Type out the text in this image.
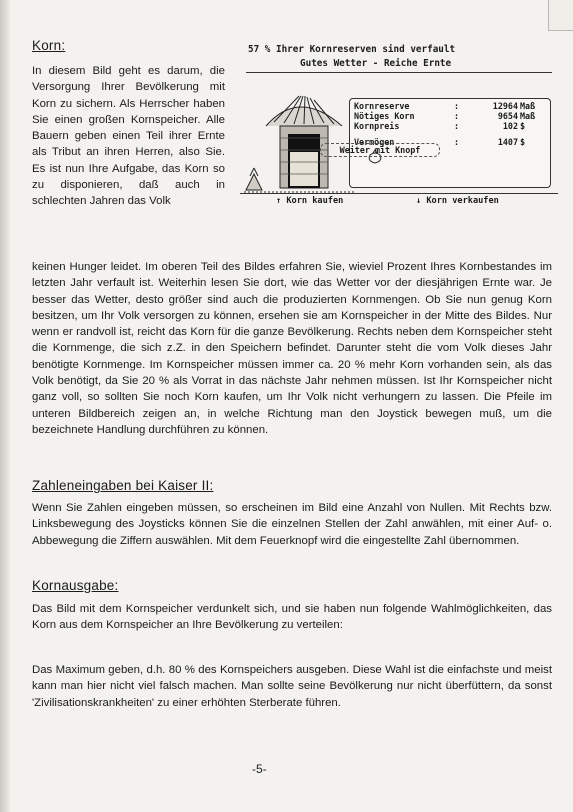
Korn:

In diesem Bild geht es darum, die Versorgung Ihrer Bevölkerung mit Korn zu sichern. Als Herrscher haben Sie einen großen Kornspeicher. Alle Bauern geben einen Teil ihrer Ernte als Tribut an ihren Herren, also Sie. Es ist nun Ihre Aufgabe, das Korn so zu disponieren, daß auch in schlechten Jahren das Volk

57 % Ihrer Kornreserven sind verfault
Gutes Wetter - Reiche Ernte
Kornreserve	:	12964 Maß
Nötiges Korn	:	9654 Maß
Kornpreis	:	102 $
Vermögen	:	1407 $
Weiter mit Knopf
↑ Korn kaufen	↓ Korn verkaufen

keinen Hunger leidet. Im oberen Teil des Bildes erfahren Sie, wieviel Prozent Ihres Kornbestandes im letzten Jahr verfault ist. Weiterhin lesen Sie dort, wie das Wetter vor der diesjährigen Ernte war. Je besser das Wetter, desto größer sind auch die produzierten Kornmengen. Ob Sie nun genug Korn besitzen, um Ihr Volk versorgen zu können, ersehen sie am Kornspeicher in der Mitte des Bildes. Nur wenn er randvoll ist, reicht das Korn für die ganze Bevölkerung. Rechts neben dem Kornspeicher steht die Kornmenge, die sich z.Z. in den Speichern befindet. Darunter steht die vom Volk dieses Jahr benötigte Kornmenge. Im Kornspeicher müssen immer ca. 20 % mehr Korn vorhanden sein, als das Volk benötigt, da Sie 20 % als Vorrat in das nächste Jahr nehmen müssen. Ist Ihr Kornspeicher nicht ganz voll, so sollten Sie noch Korn kaufen, um Ihr Volk nicht verhungern zu lassen. Die Pfeile im unteren Bildbereich zeigen an, in welche Richtung man den Joystick bewegen muß, um die bezeichnete Handlung durchführen zu können.

Zahleneingaben bei Kaiser II:

Wenn Sie Zahlen eingeben müssen, so erscheinen im Bild eine Anzahl von Nullen. Mit Rechts bzw. Linksbewegung des Joysticks können Sie die einzelnen Stellen der Zahl anwählen, mit einer Auf- o. Abbewegung die Ziffern auswählen. Mit dem Feuerknopf wird die eingestellte Zahl übernommen.

Kornausgabe:

Das Bild mit dem Kornspeicher verdunkelt sich, und sie haben nun folgende Wahlmöglichkeiten, das Korn aus dem Kornspeicher an Ihre Bevölkerung zu verteilen:

Das Maximum geben, d.h. 80 % des Kornspeichers ausgeben. Diese Wahl ist die einfachste und meist kann man hier nicht viel falsch machen. Man sollte seine Bevölkerung nur nicht überfüttern, da sonst 'Zivilisationskrankheiten' zu einer erhöhten Sterberate führen.

-5-
